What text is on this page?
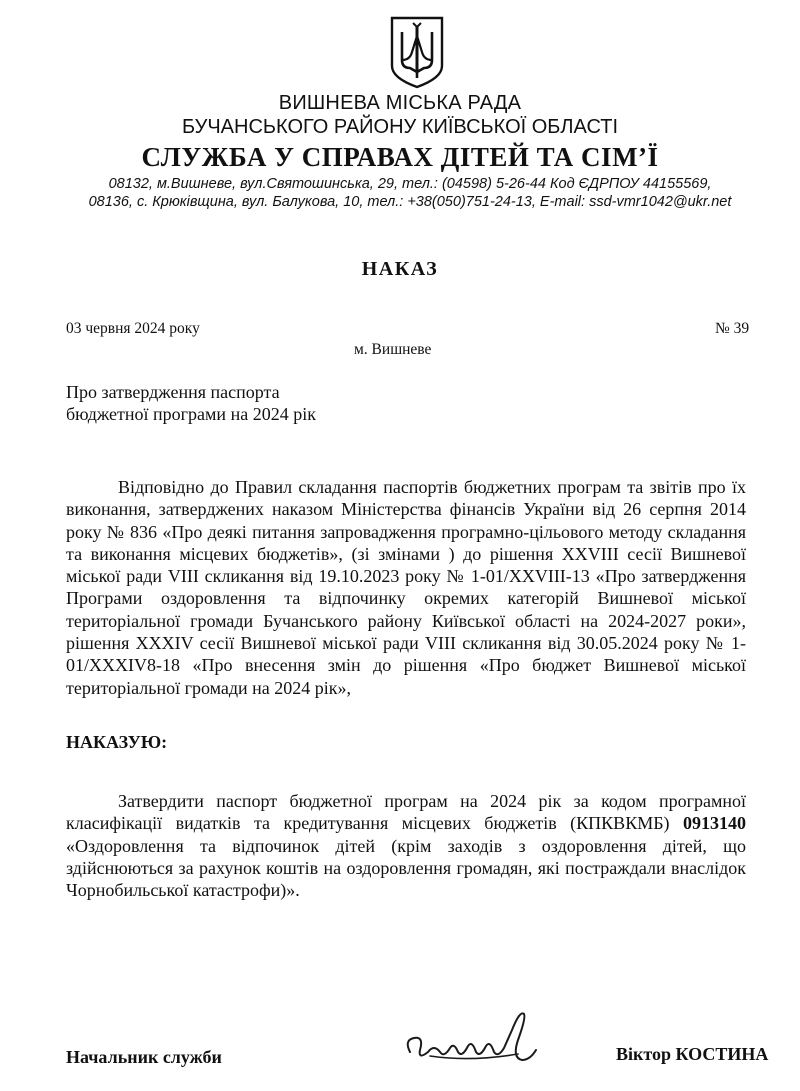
ВИШНЕВА МІСЬКА РАДА
БУЧАНСЬКОГО РАЙОНУ КИЇВСЬКОЇ ОБЛАСТІ
СЛУЖБА У СПРАВАХ ДІТЕЙ ТА СІМ’Ї
08132, м.Вишневе, вул.Святошинська, 29, тел.: (04598) 5-26-44 Код ЄДРПОУ 44155569,
08136, с. Крюківщина, вул. Балукова, 10, тел.: +38(050)751-24-13, E-mail: ssd-vmr1042@ukr.net
НАКАЗ
03 червня 2024 року	№ 39
м. Вишневе
Про затвердження паспорта
бюджетної програми на 2024 рік
Відповідно до Правил складання паспортів бюджетних програм та звітів про їх виконання, затверджених наказом Міністерства фінансів України від 26 серпня 2014 року № 836 «Про деякі питання запровадження програмно-цільового методу складання та виконання місцевих бюджетів», (зі змінами ) до рішення XXVIII сесії Вишневої міської ради VIII скликання від 19.10.2023 року № 1-01/XXVIII-13 «Про затвердження Програми оздоровлення та відпочинку окремих категорій Вишневої міської територіальної громади Бучанського району Київської області на 2024-2027 роки», рішення XXXIV сесії Вишневої міської ради VIII скликання від 30.05.2024 року № 1-01/XXXIV8-18 «Про внесення змін до рішення «Про бюджет Вишневої міської територіальної громади на 2024 рік»,
НАКАЗУЮ:
Затвердити паспорт бюджетної програм на 2024 рік за кодом програмної класифікації видатків та кредитування місцевих бюджетів (КПКВКМБ) 0913140 «Оздоровлення та відпочинок дітей (крім заходів з оздоровлення дітей, що здійснюються за рахунок коштів на оздоровлення громадян, які постраждали внаслідок Чорнобильської катастрофи)».
Начальник служби	Віктор КОСТИНА
